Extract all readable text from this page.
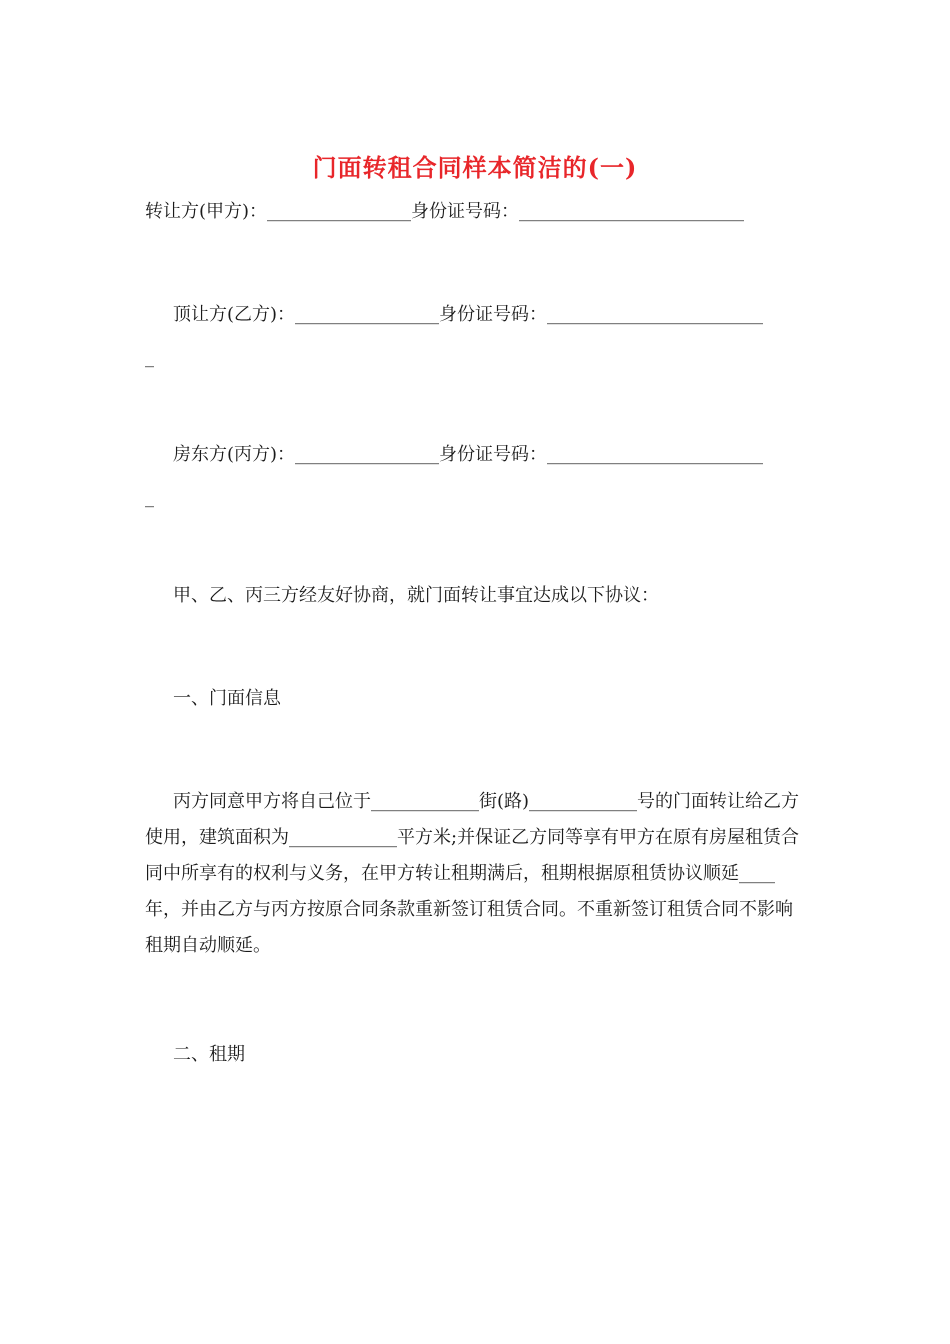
门面转租合同样本简洁的(一)
转让方(甲方)：________________身份证号码：_________________________
顶让方(乙方)：________________身份证号码：________________________
_
房东方(丙方)：________________身份证号码：________________________
_
甲、乙、丙三方经友好协商，就门面转让事宜达成以下协议：
一、门面信息
丙方同意甲方将自己位于____________街(路)____________号的门面转让给乙方使用，建筑面积为____________平方米;并保证乙方同等享有甲方在原有房屋租赁合同中所享有的权利与义务，在甲方转让租期满后，租期根据原租赁协议顺延____年，并由乙方与丙方按原合同条款重新签订租赁合同。不重新签订租赁合同不影响租期自动顺延。
二、租期
